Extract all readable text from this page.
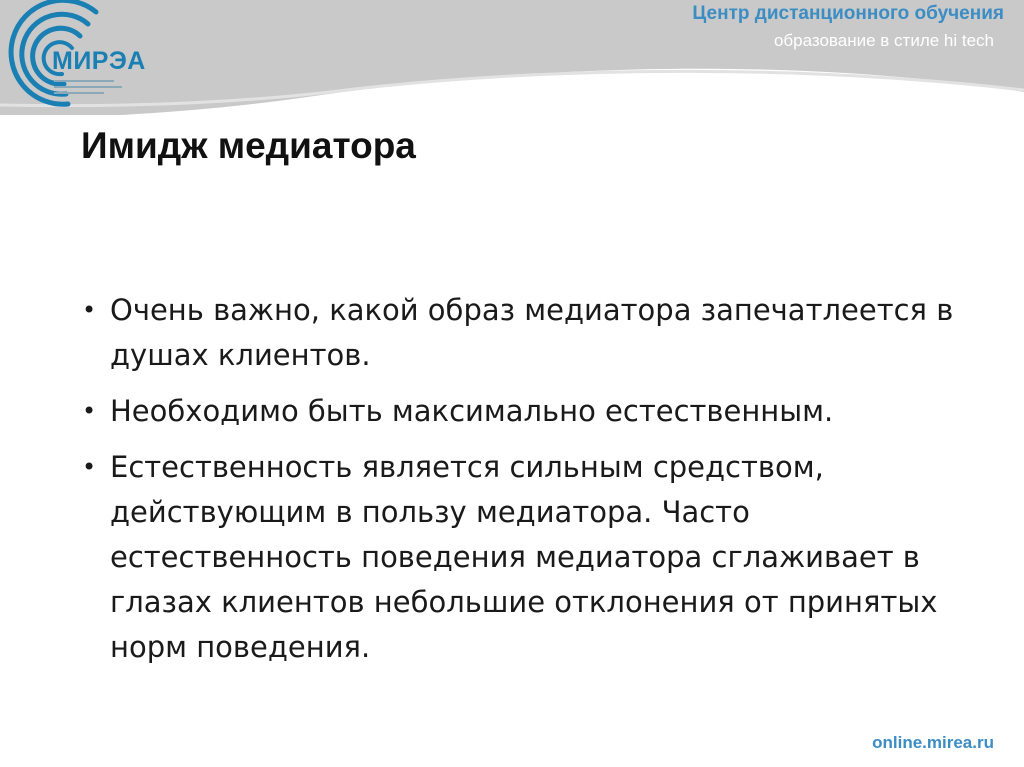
МИРЭА
Центр дистанционного обучения
образование в стиле hi tech
Имидж медиатора
• Очень важно, какой образ медиатора запечатлеется в душах клиентов.
• Необходимо быть максимально естественным.
• Естественность является сильным средством, действующим в пользу медиатора. Часто естественность поведения медиатора сглаживает в глазах клиентов небольшие отклонения от принятых норм поведения.
online.mirea.ru
